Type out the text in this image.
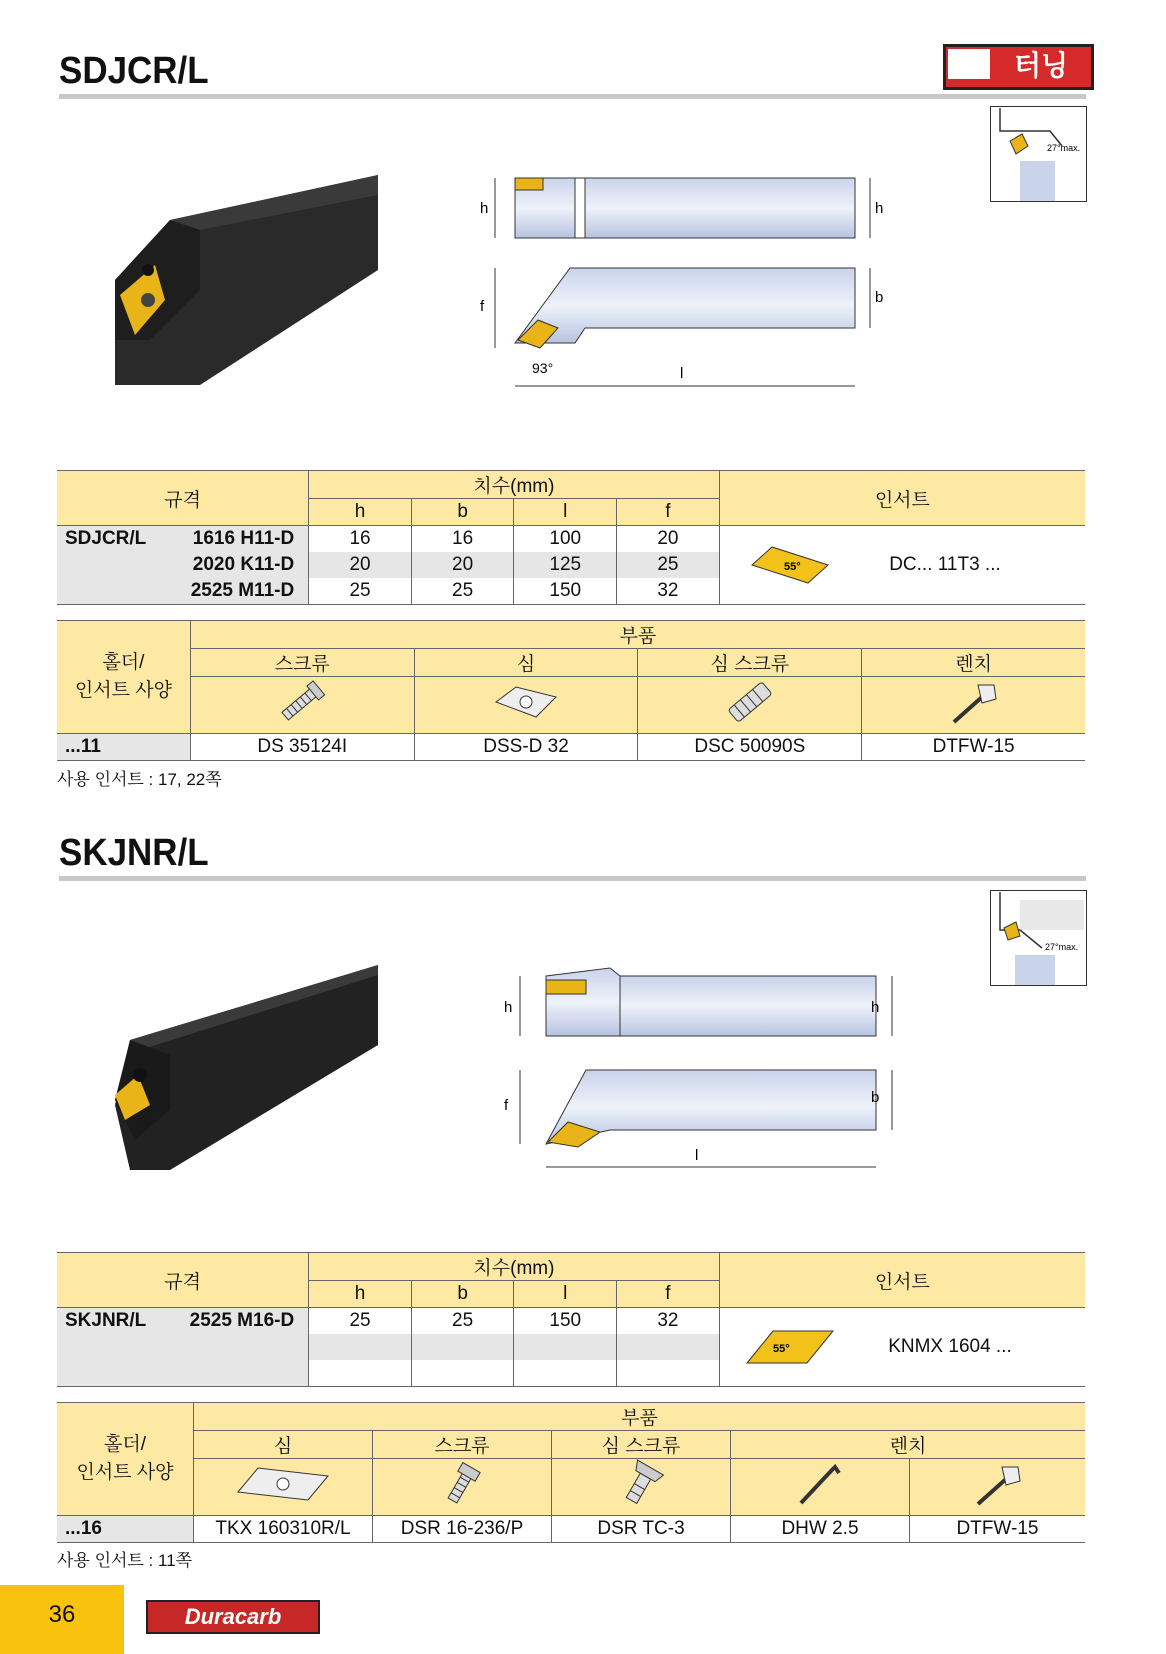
터닝
SDJCR/L
h	h
f
b
93°	l
27°max.
규격	치수(mm)				인서트
	h	b	l	f	
SDJCR/L 1616 H11-D	16	16	100	20	55° DC... 11T3 ...
2020 K11-D	20	20	125	25	
2525 M11-D	25	25	150	32	
홀더/
인서트 사양	부품			
	스크류	심	심 스크류	렌치

...11	DS 35124I	DSS-D 32	DSC 50090S	DTFW-15
사용 인서트 : 17, 22쪽
SKJNR/L
h	h
f	b
l
27°max.
규격	치수(mm)				인서트
	h	b	l	f	
SKJNR/L 2525 M16-D	25	25	150	32	55° KNMX 1604 ...

홀더/
인서트 사양	부품				
	심	스크류	심 스크류	렌치	

...16	TKX 160310R/L	DSR 16-236/P	DSR TC-3	DHW 2.5	DTFW-15
사용 인서트 : 11쪽
36	Duracarb
